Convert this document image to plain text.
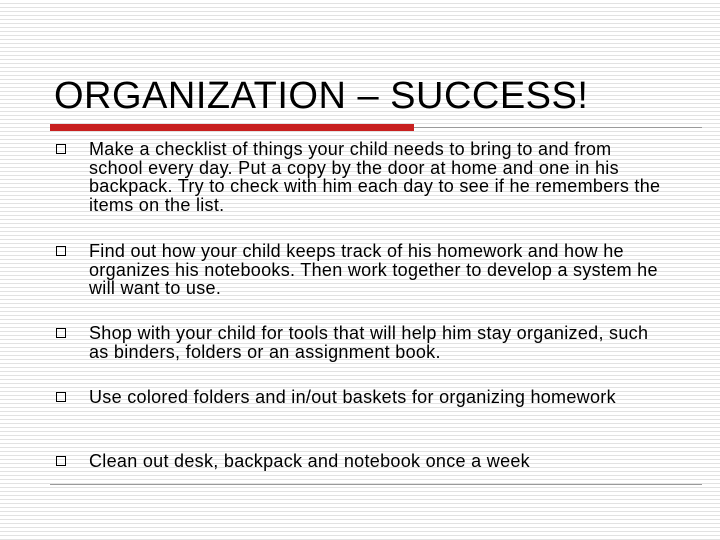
ORGANIZATION – SUCCESS!
Make a checklist of things your child needs to bring to and from school every day. Put a copy by the door at home and one in his backpack. Try to check with him each day to see if he remembers the items on the list.
Find out how your child keeps track of his homework and how he organizes his notebooks. Then work together to develop a system he will want to use.
Shop with your child for tools that will help him stay organized, such as binders, folders or an assignment book.
Use colored folders and in/out baskets for organizing homework
Clean out desk, backpack and notebook once a week
